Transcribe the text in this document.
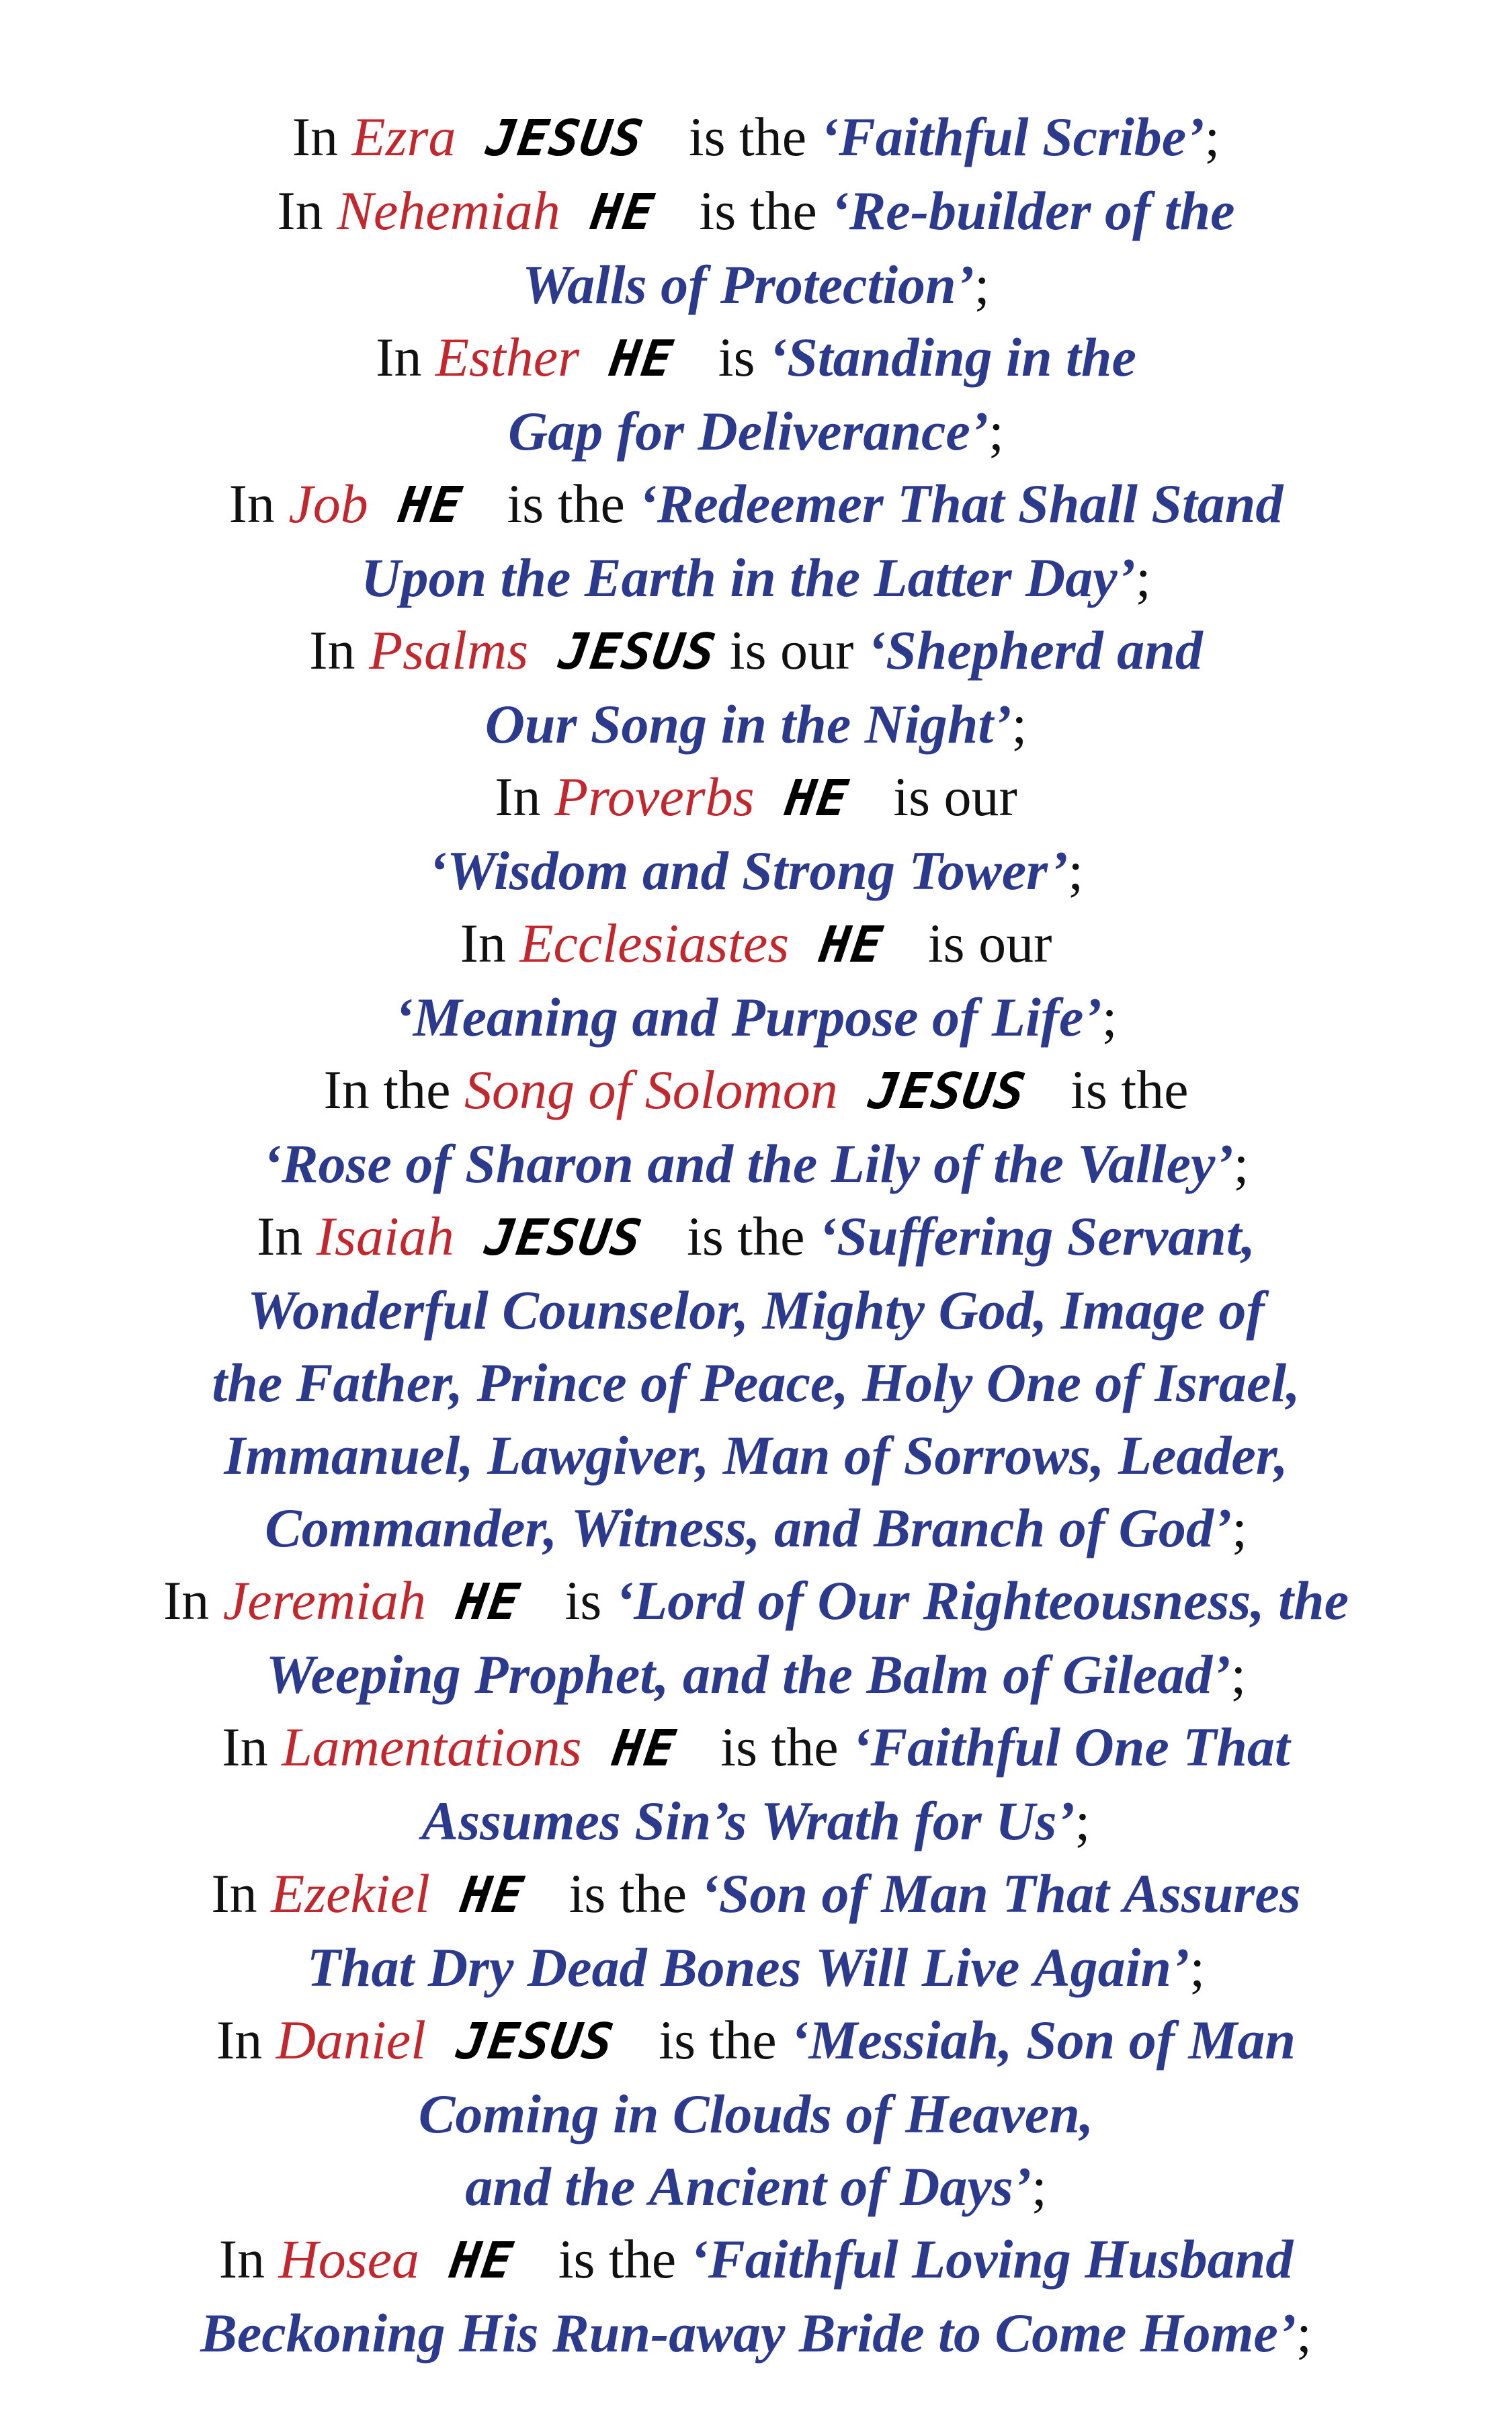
In Ezra JESUS  is the ‘Faithful Scribe’;
In Nehemiah HE  is the ‘Re-builder of the
Walls of Protection’;
In Esther HE  is ‘Standing in the
Gap for Deliverance’;
In Job HE  is the ‘Redeemer That Shall Stand
Upon the Earth in the Latter Day’;
In Psalms JESUS is our ‘Shepherd and
Our Song in the Night’;
In Proverbs HE  is our
‘Wisdom and Strong Tower’;
In Ecclesiastes HE  is our
‘Meaning and Purpose of Life’;
In the Song of Solomon JESUS  is the
‘Rose of Sharon and the Lily of the Valley’;
In Isaiah JESUS  is the ‘Suffering Servant,
Wonderful Counselor, Mighty God, Image of
the Father, Prince of Peace, Holy One of Israel,
Immanuel, Lawgiver, Man of Sorrows, Leader,
Commander, Witness, and Branch of God’;
In Jeremiah HE  is ‘Lord of Our Righteousness, the
Weeping Prophet, and the Balm of Gilead’;
In Lamentations HE  is the ‘Faithful One That
Assumes Sin’s Wrath for Us’;
In Ezekiel HE  is the ‘Son of Man That Assures
That Dry Dead Bones Will Live Again’;
In Daniel JESUS  is the ‘Messiah, Son of Man
Coming in Clouds of Heaven,
and the Ancient of Days’;
In Hosea HE  is the ‘Faithful Loving Husband
Beckoning His Run-away Bride to Come Home’;
